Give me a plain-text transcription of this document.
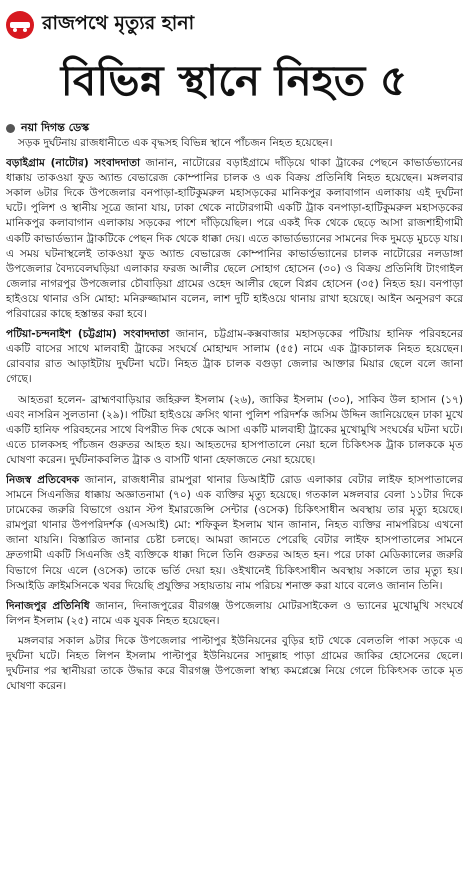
রাজপথে মৃত্যুর হানা
বিভিন্ন স্থানে নিহত ৫
নয়া দিগন্ত ডেস্ক

সড়ক দুর্ঘটনায় রাজধানীতে এক বৃদ্ধসহ বিভিন্ন স্থানে পাঁচজন নিহত হয়েছেন।

বড়াইগ্রাম (নাটোর) সংবাদদাতা জানান, নাটোরের বড়াইগ্রামে দাঁড়িয়ে থাকা ট্রাকের পেছনে কাভার্ডভ্যানের ধাক্কায় তাকওয়া ফুড অ্যান্ড বেভারেজ কোম্পানির চালক ও এক বিক্রয় প্রতিনিধি নিহত হয়েছেন। মঙ্গলবার সকাল ৬টার দিকে উপজেলার বনপাড়া-হাটিকুমরুল মহাসড়কের মানিকপুর কলাবাগান এলাকায় এই দুর্ঘটনা ঘটে। পুলিশ ও স্থানীয় সূত্রে জানা যায়, ঢাকা থেকে নাটোরগামী একটি ট্রাক বনপাড়া-হাটিকুমরুল মহাসড়কের মানিকপুর কলাবাগান এলাকায় সড়কের পাশে দাঁড়িয়েছিল। পরে একই দিক থেকে ছেড়ে আসা রাজশাহীগামী একটি কাভার্ডভ্যান ট্রাকটিকে পেছন দিক থেকে ধাক্কা দেয়। এতে কাভার্ডভ্যানের সামনের দিক দুমড়ে মুচড়ে যায়। এ সময় ঘটনাস্থলেই তাকওয়া ফুড অ্যান্ড বেভারেজ কোম্পানির কাভার্ডভ্যানের চালক নাটোরের নলডাঙ্গা উপজেলার বৈদ্যবেলঘড়িয়া এলাকার ফরজ আলীর ছেলে সোহাগ হোসেন (৩০) ও বিক্রয় প্রতিনিধি টাংগাইল জেলার নাগরপুর উপজেলার চৌবাড়িয়া গ্রামের ওহেদ আলীর ছেলে বিপ্লব হোসেন (৩৫) নিহত হয়। বনপাড়া হাইওয়ে থানার ওসি মোহা: মনিরুজ্জামান বলেন, লাশ দুটি হাইওয়ে থানায় রাখা হয়েছে। আইন অনুসরণ করে পরিবারের কাছে হস্তান্তর করা হবে।

পটিয়া-চন্দনাইশ (চট্টগ্রাম) সংবাদদাতা জানান, চট্টগ্রাম-কক্সবাজার মহাসড়কের পটিয়ায় হানিফ পরিবহনের একটি বাসের সাথে মালবাহী ট্রাকের সংঘর্ষে মোহাম্মদ সালাম (৫৫) নামে এক ট্রাকচালক নিহত হয়েছেন। রোববার রাত আড়াইটায় দুর্ঘটনা ঘটে। নিহত ট্রাক চালক বগুড়া জেলার আক্তার মিয়ার ছেলে বলে জানা গেছে।

আহতরা হলেন- ব্রাহ্মণবাড়িয়ার জহিরুল ইসলাম (২৬), জাকির ইসলাম (৩০), সাকিব উল হাসান (১৭) এবং নাসরিন সুলতানা (২৯)। পটিয়া হাইওয়ে ক্রসিং থানা পুলিশ পরিদর্শক জসিম উদ্দিন জানিয়েছেন ঢাকা মুখে একটি হানিফ পরিবহনের সাথে বিপরীত দিক থেকে আসা একটি মালবাহী ট্রাকের মুখোমুখি সংঘর্ষের ঘটনা ঘটে। এতে চালকসহ পাঁচজন গুরুতর আহত হয়। আহতদের হাসপাতালে নেয়া হলে চিকিৎসক ট্রাক চালককে মৃত ঘোষণা করেন। দুর্ঘটনাকবলিত ট্রাক ও বাসটি থানা হেফাজতে নেয়া হয়েছে।

নিজস্ব প্রতিবেদক জানান, রাজধানীর রামপুরা থানার ডিআইটি রোড এলাকার বেটার লাইফ হাসপাতালের সামনে সিএনজির ধাক্কায় অজ্ঞাতনামা (৭০) এক ব্যক্তির মৃত্যু হয়েছে। গতকাল মঙ্গলবার বেলা ১১টার দিকে ঢামেকের জরুরি বিভাগে ওয়ান স্টপ ইমারজেন্সি সেন্টার (ওসেক) চিকিৎসাধীন অবস্থায় তার মৃত্যু হয়েছে। রামপুরা থানার উপপরিদর্শক (এসআই) মো: শফিকুল ইসলাম খান জানান, নিহত ব্যক্তির নামপরিচয় এখনো জানা যায়নি। বিস্তারিত জানার চেষ্টা চলছে। আমরা জানতে পেরেছি বেটার লাইফ হাসপাতালের সামনে দ্রুতগামী একটি সিএনজি ওই ব্যক্তিকে ধাক্কা দিলে তিনি গুরুতর আহত হন। পরে ঢাকা মেডিক্যালের জরুরি বিভাগে নিয়ে এলে (ওসেক) তাকে ভর্তি দেয়া হয়। ওইখানেই চিকিৎসাধীন অবস্থায় সকালে তার মৃত্যু হয়। সিআইডি ক্রাইমসিনকে খবর দিয়েছি প্রযুক্তির সহায়তায় নাম পরিচয় শনাক্ত করা যাবে বলেও জানান তিনি।

দিনাজপুর প্রতিনিধি জানান, দিনাজপুরের বীরগঞ্জ উপজেলায় মোটরসাইকেল ও ভ্যানের মুখোমুখি সংঘর্ষে লিপন ইসলাম (২৫) নামে এক যুবক নিহত হয়েছেন।

মঙ্গলবার সকাল ৯টার দিকে উপজেলার পাল্টাপুর ইউনিয়নের বুড়ির হাট থেকে বেলতলি পাকা সড়কে এ দুর্ঘটনা ঘটে। নিহত লিপন ইসলাম পাল্টাপুর ইউনিয়নের সাদুল্লাহ পাড়া গ্রামের জাকির হোসেনের ছেলে। দুর্ঘটনার পর স্থানীয়রা তাকে উদ্ধার করে বীরগঞ্জ উপজেলা স্বাস্থ্য কমপ্লেক্সে নিয়ে গেলে চিকিৎসক তাকে মৃত ঘোষণা করেন।
